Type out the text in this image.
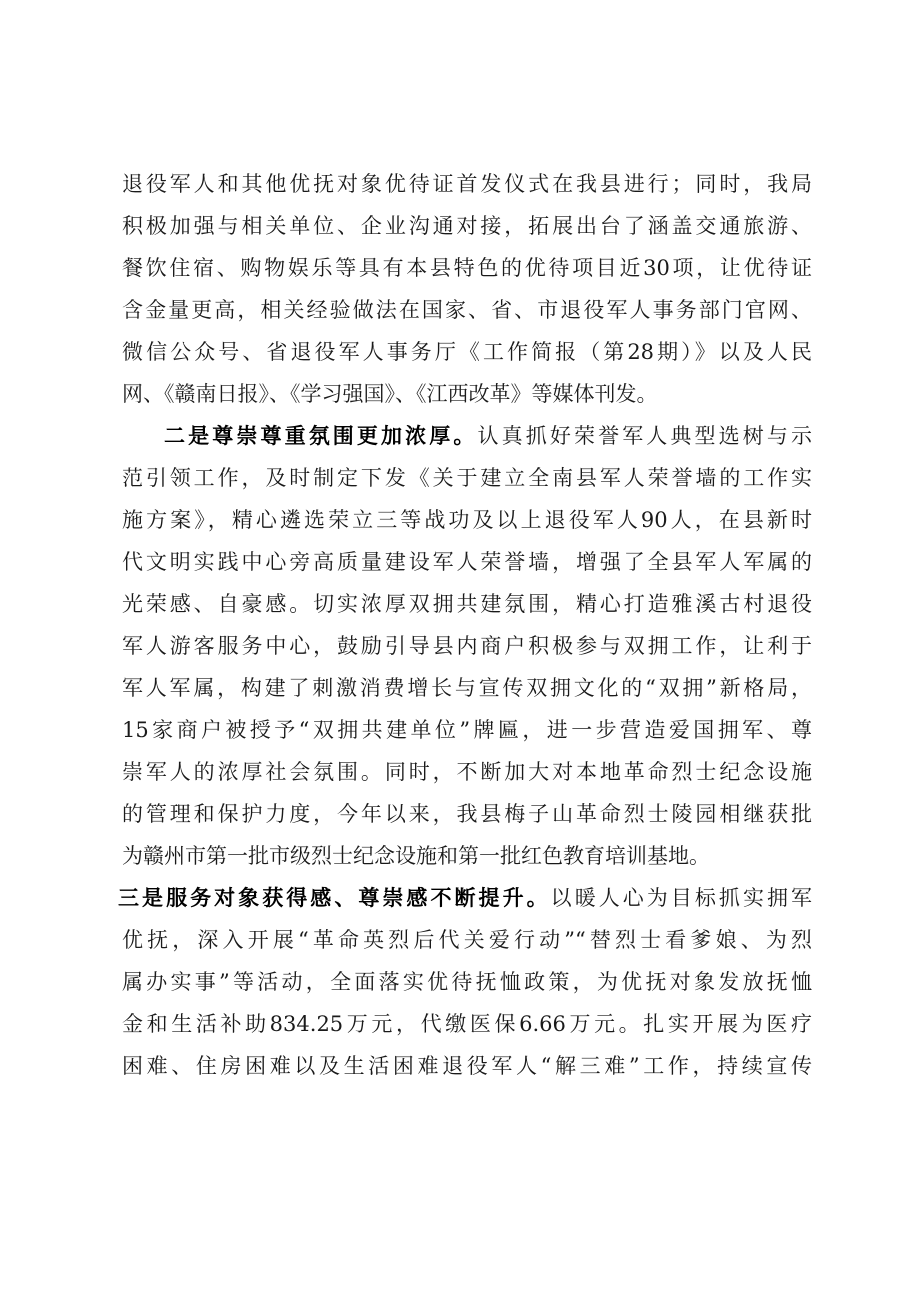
退役军人和其他优抚对象优待证首发仪式在我县进行；同时，我局
积极加强与相关单位、企业沟通对接，拓展出台了涵盖交通旅游、
餐饮住宿、购物娱乐等具有本县特色的优待项目近30项，让优待证
含金量更高，相关经验做法在国家、省、市退役军人事务部门官网、
微信公众号、省退役军人事务厅《工作简报（第28期）》以及人民
网、《赣南日报》、《学习强国》、《江西改革》等媒体刊发。
二是尊崇尊重氛围更加浓厚。认真抓好荣誉军人典型选树与示
范引领工作，及时制定下发《关于建立全南县军人荣誉墙的工作实
施方案》，精心遴选荣立三等战功及以上退役军人90人，在县新时
代文明实践中心旁高质量建设军人荣誉墙，增强了全县军人军属的
光荣感、自豪感。切实浓厚双拥共建氛围，精心打造雅溪古村退役
军人游客服务中心，鼓励引导县内商户积极参与双拥工作，让利于
军人军属，构建了刺激消费增长与宣传双拥文化的“双拥”新格局，
15家商户被授予“双拥共建单位”牌匾，进一步营造爱国拥军、尊
崇军人的浓厚社会氛围。同时，不断加大对本地革命烈士纪念设施
的管理和保护力度，今年以来，我县梅子山革命烈士陵园相继获批
为赣州市第一批市级烈士纪念设施和第一批红色教育培训基地。
三是服务对象获得感、尊崇感不断提升。以暖人心为目标抓实拥军
优抚，深入开展“革命英烈后代关爱行动”“替烈士看爹娘、为烈
属办实事”等活动，全面落实优待抚恤政策，为优抚对象发放抚恤
金和生活补助834.25万元，代缴医保6.66万元。扎实开展为医疗
困难、住房困难以及生活困难退役军人“解三难”工作，持续宣传
